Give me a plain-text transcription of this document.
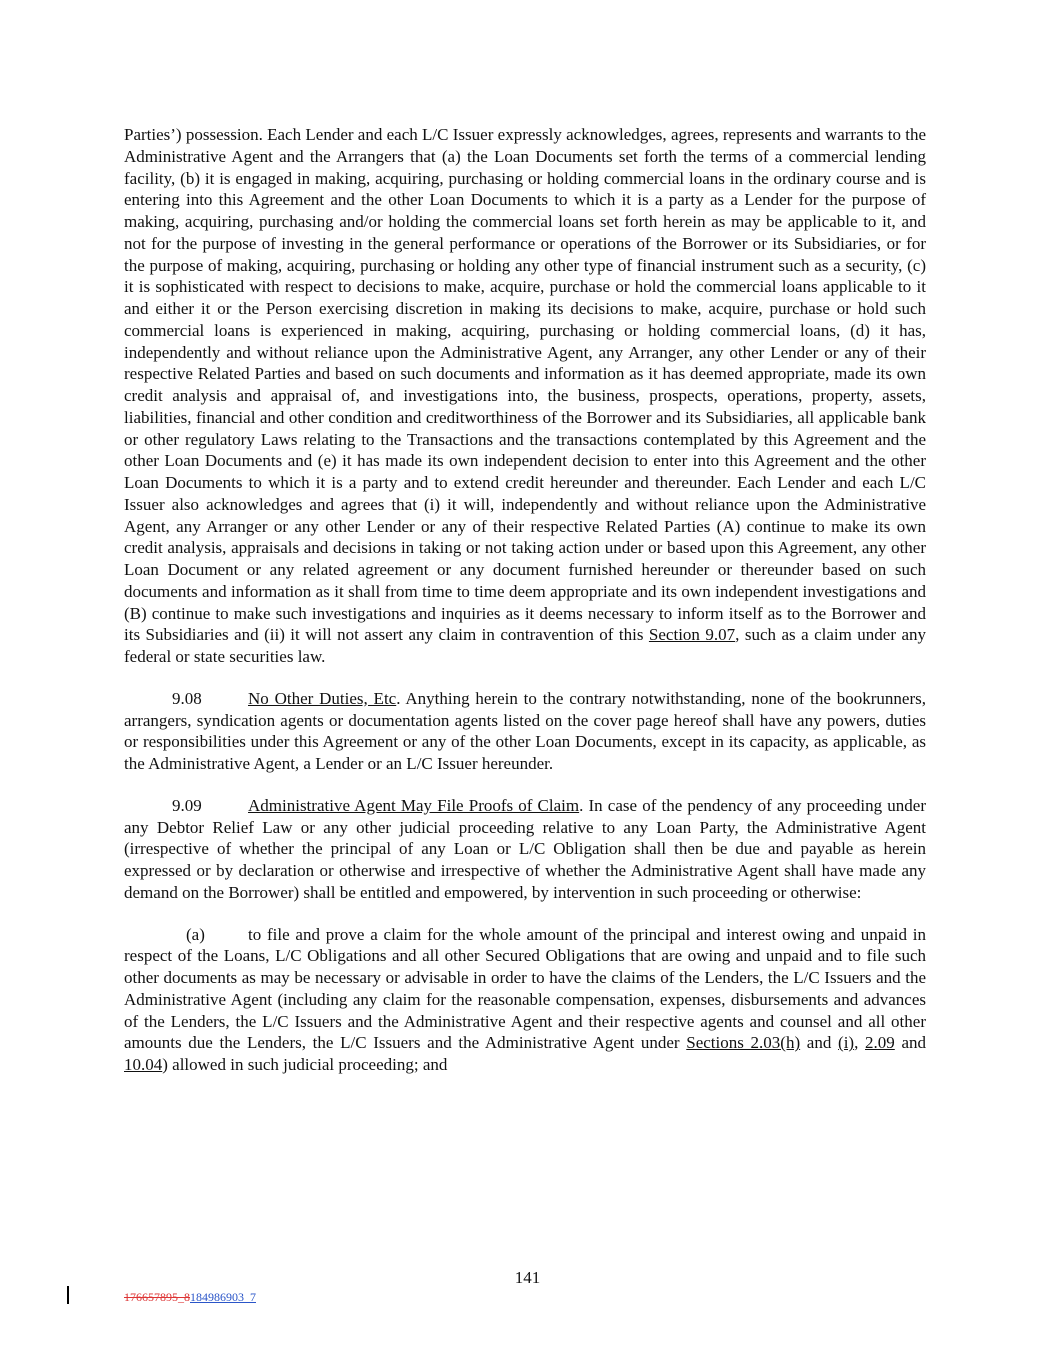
Parties’) possession. Each Lender and each L/C Issuer expressly acknowledges, agrees, represents and warrants to the Administrative Agent and the Arrangers that (a) the Loan Documents set forth the terms of a commercial lending facility, (b) it is engaged in making, acquiring, purchasing or holding commercial loans in the ordinary course and is entering into this Agreement and the other Loan Documents to which it is a party as a Lender for the purpose of making, acquiring, purchasing and/or holding the commercial loans set forth herein as may be applicable to it, and not for the purpose of investing in the general performance or operations of the Borrower or its Subsidiaries, or for the purpose of making, acquiring, purchasing or holding any other type of financial instrument such as a security, (c) it is sophisticated with respect to decisions to make, acquire, purchase or hold the commercial loans applicable to it and either it or the Person exercising discretion in making its decisions to make, acquire, purchase or hold such commercial loans is experienced in making, acquiring, purchasing or holding commercial loans, (d) it has, independently and without reliance upon the Administrative Agent, any Arranger, any other Lender or any of their respective Related Parties and based on such documents and information as it has deemed appropriate, made its own credit analysis and appraisal of, and investigations into, the business, prospects, operations, property, assets, liabilities, financial and other condition and creditworthiness of the Borrower and its Subsidiaries, all applicable bank or other regulatory Laws relating to the Transactions and the transactions contemplated by this Agreement and the other Loan Documents and (e) it has made its own independent decision to enter into this Agreement and the other Loan Documents to which it is a party and to extend credit hereunder and thereunder. Each Lender and each L/C Issuer also acknowledges and agrees that (i) it will, independently and without reliance upon the Administrative Agent, any Arranger or any other Lender or any of their respective Related Parties (A) continue to make its own credit analysis, appraisals and decisions in taking or not taking action under or based upon this Agreement, any other Loan Document or any related agreement or any document furnished hereunder or thereunder based on such documents and information as it shall from time to time deem appropriate and its own independent investigations and (B) continue to make such investigations and inquiries as it deems necessary to inform itself as to the Borrower and its Subsidiaries and (ii) it will not assert any claim in contravention of this Section 9.07, such as a claim under any federal or state securities law.

9.08	No Other Duties, Etc. Anything herein to the contrary notwithstanding, none of the bookrunners, arrangers, syndication agents or documentation agents listed on the cover page hereof shall have any powers, duties or responsibilities under this Agreement or any of the other Loan Documents, except in its capacity, as applicable, as the Administrative Agent, a Lender or an L/C Issuer hereunder.

9.09	Administrative Agent May File Proofs of Claim. In case of the pendency of any proceeding under any Debtor Relief Law or any other judicial proceeding relative to any Loan Party, the Administrative Agent (irrespective of whether the principal of any Loan or L/C Obligation shall then be due and payable as herein expressed or by declaration or otherwise and irrespective of whether the Administrative Agent shall have made any demand on the Borrower) shall be entitled and empowered, by intervention in such proceeding or otherwise:

(a)	to file and prove a claim for the whole amount of the principal and interest owing and unpaid in respect of the Loans, L/C Obligations and all other Secured Obligations that are owing and unpaid and to file such other documents as may be necessary or advisable in order to have the claims of the Lenders, the L/C Issuers and the Administrative Agent (including any claim for the reasonable compensation, expenses, disbursements and advances of the Lenders, the L/C Issuers and the Administrative Agent and their respective agents and counsel and all other amounts due the Lenders, the L/C Issuers and the Administrative Agent under Sections 2.03(h) and (i), 2.09 and 10.04) allowed in such judicial proceeding; and

141
176657895_8184986903_7
